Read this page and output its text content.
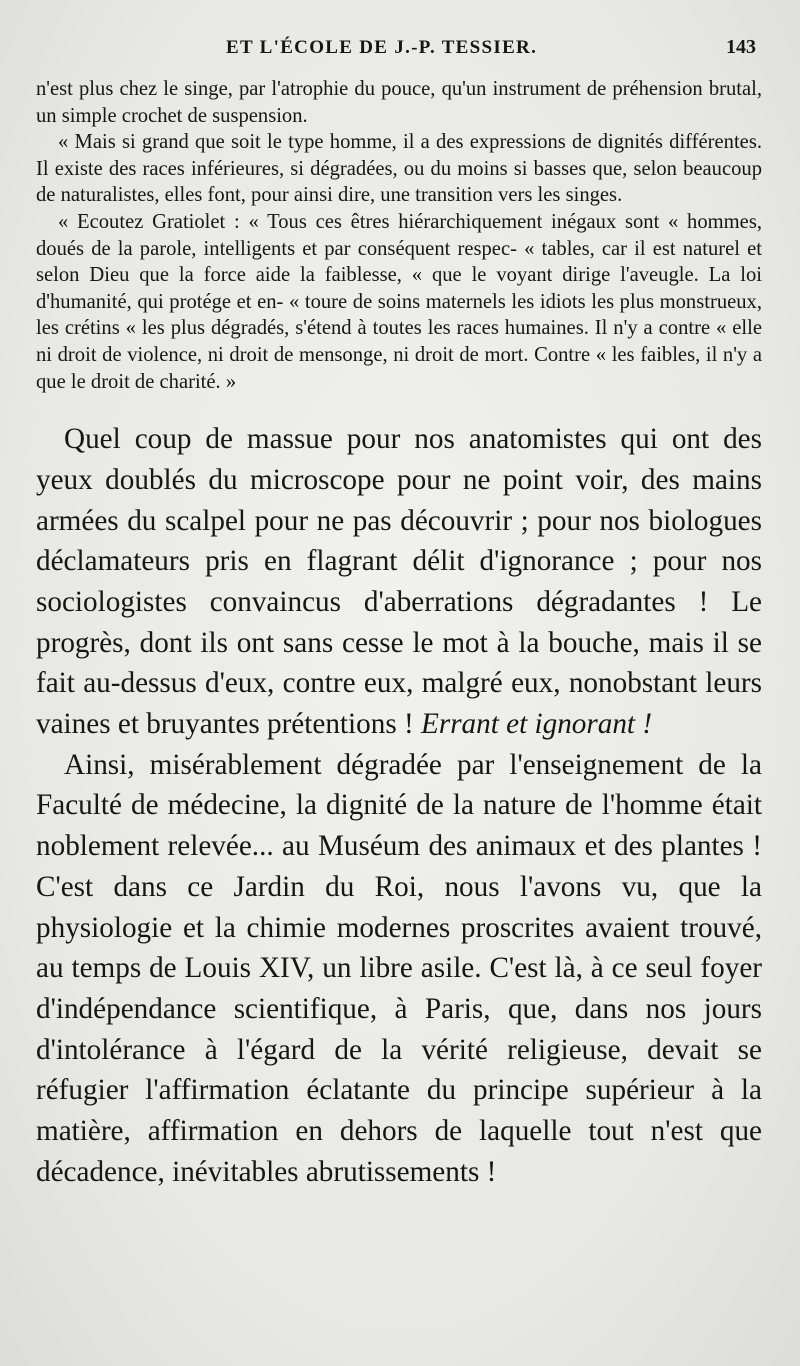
ET L'ÉCOLE DE J.-P. TESSIER.	143

n'est plus chez le singe, par l'atrophie du pouce, qu'un instrument de préhension brutal, un simple crochet de suspension.

« Mais si grand que soit le type homme, il a des expressions de dignités différentes. Il existe des races inférieures, si dégradées, ou du moins si basses que, selon beaucoup de naturalistes, elles font, pour ainsi dire, une transition vers les singes.

« Ecoutez Gratiolet : « Tous ces êtres hiérarchiquement inégaux sont « hommes, doués de la parole, intelligents et par conséquent respec- « tables, car il est naturel et selon Dieu que la force aide la faiblesse, « que le voyant dirige l'aveugle. La loi d'humanité, qui protége et en- « toure de soins maternels les idiots les plus monstrueux, les crétins « les plus dégradés, s'étend à toutes les races humaines. Il n'y a contre « elle ni droit de violence, ni droit de mensonge, ni droit de mort. Contre « les faibles, il n'y a que le droit de charité. »

Quel coup de massue pour nos anatomistes qui ont des yeux doublés du microscope pour ne point voir, des mains armées du scalpel pour ne pas découvrir ; pour nos biologues déclamateurs pris en flagrant délit d'ignorance ; pour nos sociologistes convaincus d'aberrations dégradantes ! Le progrès, dont ils ont sans cesse le mot à la bouche, mais il se fait au-dessus d'eux, contre eux, malgré eux, nonobstant leurs vaines et bruyantes prétentions ! Errant et ignorant !

Ainsi, misérablement dégradée par l'enseignement de la Faculté de médecine, la dignité de la nature de l'homme était noblement relevée... au Muséum des animaux et des plantes ! C'est dans ce Jardin du Roi, nous l'avons vu, que la physiologie et la chimie modernes proscrites avaient trouvé, au temps de Louis XIV, un libre asile. C'est là, à ce seul foyer d'indépendance scientifique, à Paris, que, dans nos jours d'intolérance à l'égard de la vérité religieuse, devait se réfugier l'affirmation éclatante du principe supérieur à la matière, affirmation en dehors de laquelle tout n'est que décadence, inévitables abrutissements !
